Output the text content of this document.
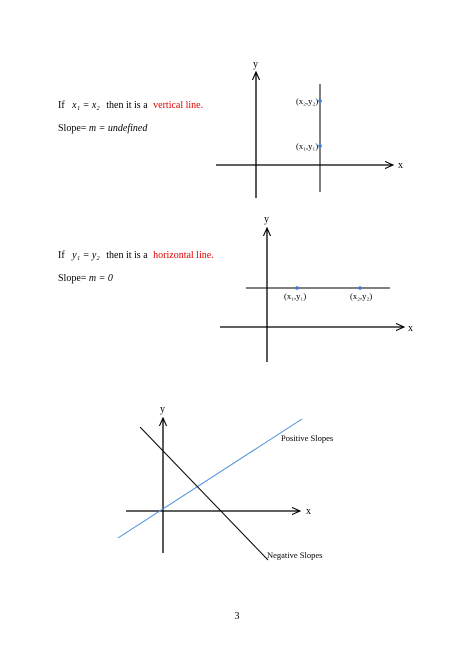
If x₁ = x₂ then it is a vertical line.
Slope= m = undefined
(x₂,y₂)
(x₁,y₁)
y
x
If y₁ = y₂ then it is a horizontal line.
Slope= m = 0
(x₁,y₁)	(x₂,y₂)
y
x
y
x
Positive Slopes
Negative Slopes
3
